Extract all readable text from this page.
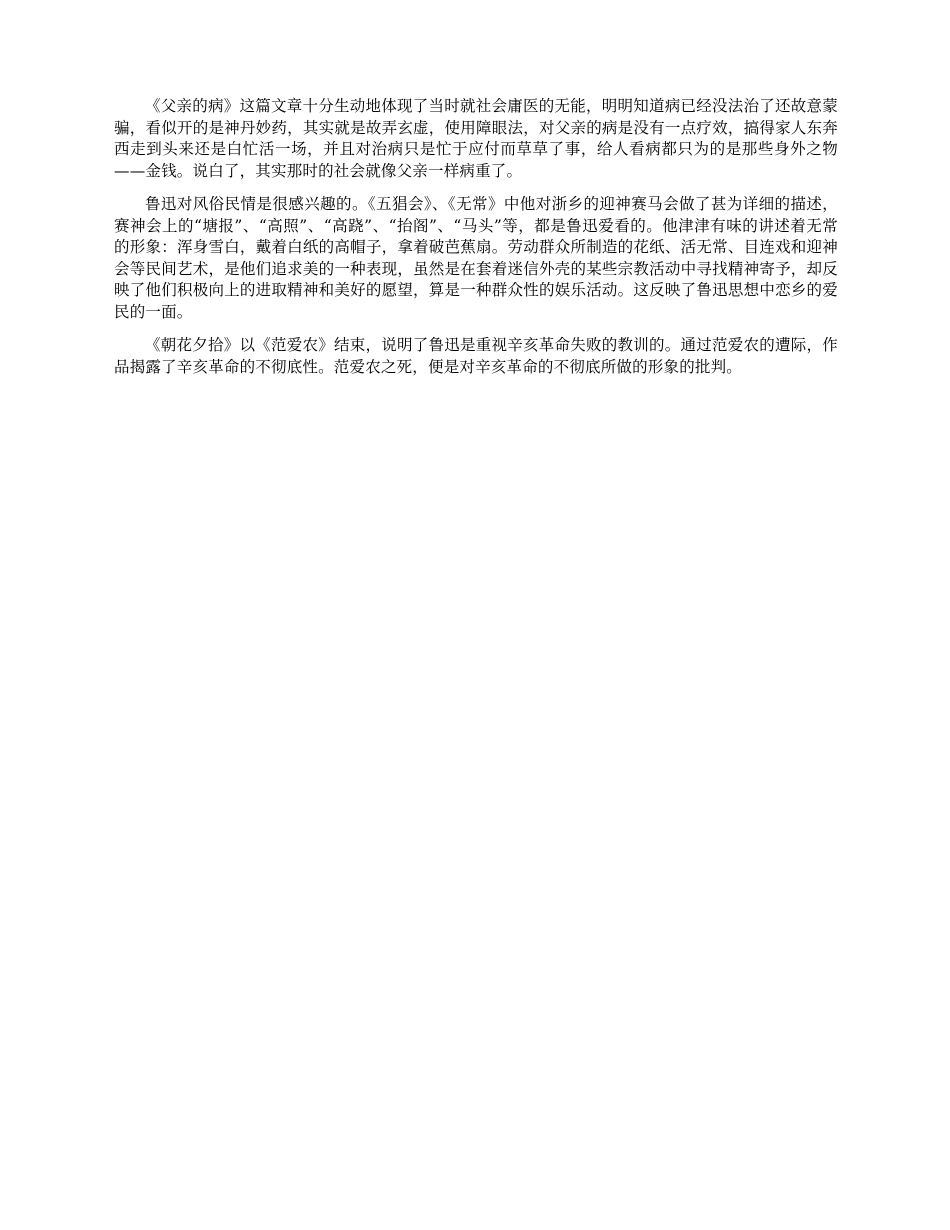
《父亲的病》这篇文章十分生动地体现了当时就社会庸医的无能，明明知道病已经没法治了还故意蒙骗，看似开的是神丹妙药，其实就是故弄玄虚，使用障眼法，对父亲的病是没有一点疗效，搞得家人东奔西走到头来还是白忙活一场，并且对治病只是忙于应付而草草了事，给人看病都只为的是那些身外之物——金钱。说白了，其实那时的社会就像父亲一样病重了。

鲁迅对风俗民情是很感兴趣的。《五猖会》、《无常》中他对浙乡的迎神赛马会做了甚为详细的描述，赛神会上的“塘报”、“高照”、“高跷”、“抬阁”、“马头”等，都是鲁迅爱看的。他津津有味的讲述着无常的形象：浑身雪白，戴着白纸的高帽子，拿着破芭蕉扇。劳动群众所制造的花纸、活无常、目连戏和迎神会等民间艺术，是他们追求美的一种表现，虽然是在套着迷信外壳的某些宗教活动中寻找精神寄予，却反映了他们积极向上的进取精神和美好的愿望，算是一种群众性的娱乐活动。这反映了鲁迅思想中恋乡的爱民的一面。

《朝花夕拾》以《范爱农》结束，说明了鲁迅是重视辛亥革命失败的教训的。通过范爱农的遭际，作品揭露了辛亥革命的不彻底性。范爱农之死，便是对辛亥革命的不彻底所做的形象的批判。
